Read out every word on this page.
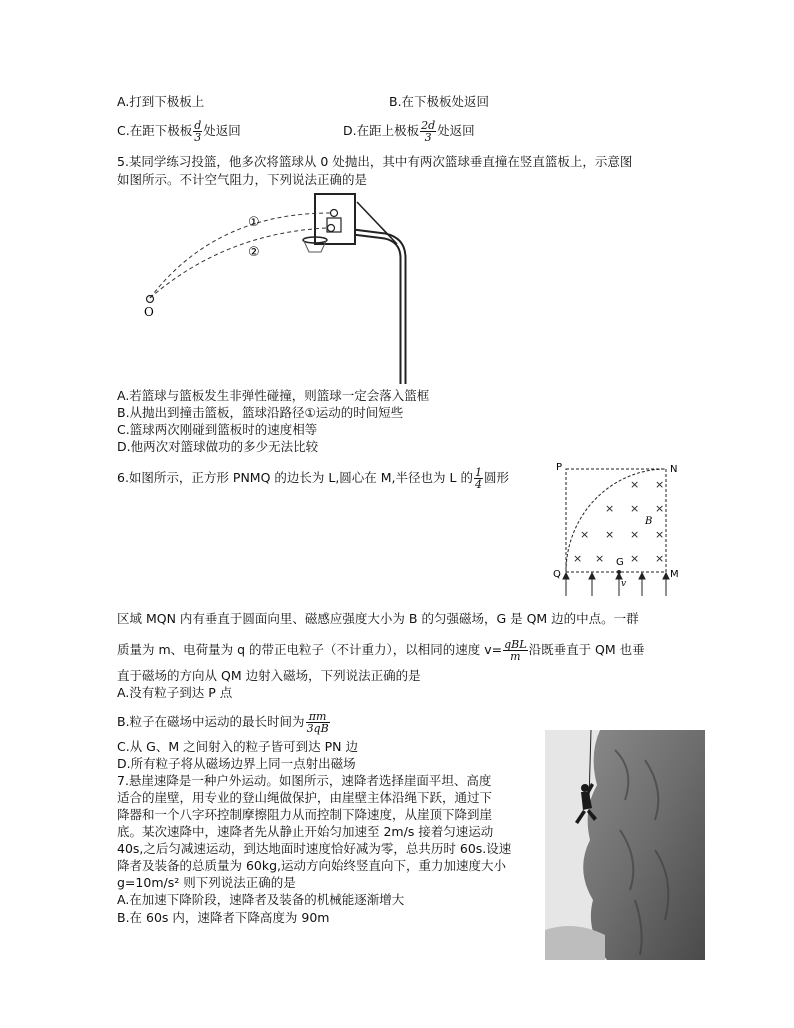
A.打到下极板上	B.在下极板处返回
C.在距下极板 $\frac{d}{3}$ 处返回	D.在距上极板 $\frac{2d}{3}$ 处返回
5.某同学练习投篮，他多次将篮球从 0 处抛出，其中有两次篮球垂直撞在竖直篮板上，示意图
如图所示。不计空气阻力，下列说法正确的是
①
②
O
A.若篮球与篮板发生非弹性碰撞，则篮球一定会落入篮框
B.从抛出到撞击篮板，篮球沿路径①运动的时间短些
C.篮球两次刚碰到篮板时的速度相等
D.他两次对篮球做功的多少无法比较
6.如图所示，正方形 PNMQ 的边长为 L,圆心在 M,半径也为 L 的 $\frac{1}{4}$ 圆形
P	N
Q	M
G
B
v
× ×
× × ×
× × × ×
× × × ×
区域 MQN 内有垂直于圆面向里、磁感应强度大小为 B 的匀强磁场，G 是 QM 边的中点。一群
质量为 m、电荷量为 q 的带正电粒子（不计重力），以相同的速度 $v= \frac{\text{qBL}}{m}$ 沿既垂直于 QM 也垂
直于磁场的方向从 QM 边射入磁场，下列说法正确的是
A.没有粒子到达 P 点
B.粒子在磁场中运动的最长时间为 $\frac{\pi m}{3qB}$
C.从 G、M 之间射入的粒子皆可到达 PN 边
D.所有粒子将从磁场边界上同一点射出磁场
7.悬崖速降是一种户外运动。如图所示，速降者选择崖面平坦、高度
适合的崖壁，用专业的登山绳做保护，由崖壁主体沿绳下跃，通过下
降器和一个八字环控制摩擦阻力从而控制下降速度，从崖顶下降到崖
底。某次速降中，速降者先从静止开始匀加速至 2m/s 接着匀速运动
40s,之后匀减速运动，到达地面时速度恰好减为零，总共历时 60s.设速
降者及装备的总质量为 60kg,运动方向始终竖直向下，重力加速度大小
g=10m/s² 则下列说法正确的是
A.在加速下降阶段，速降者及装备的机械能逐渐增大
B.在 60s 内，速降者下降高度为 90m
